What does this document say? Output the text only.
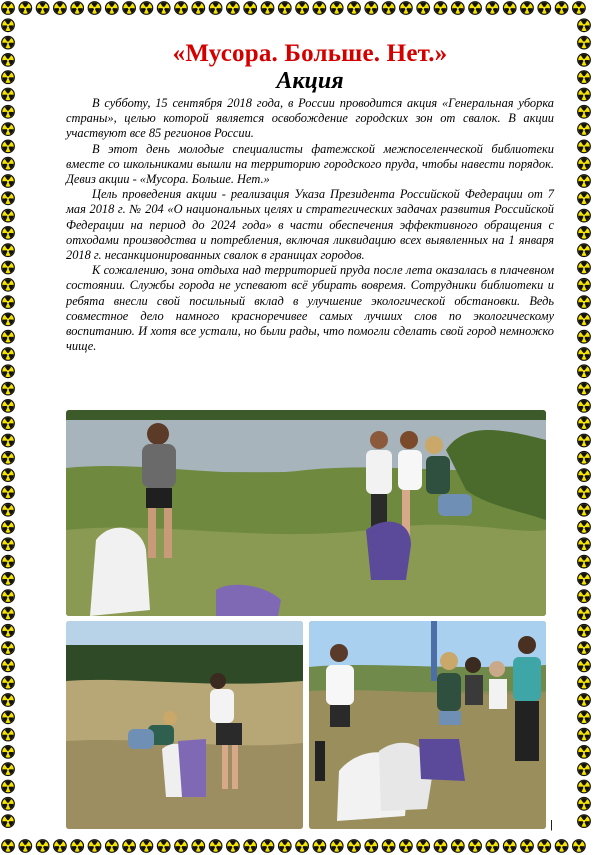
«Мусора. Больше. Нет.»
Акция

В субботу, 15 сентября 2018 года, в России проводится акция «Генеральная уборка страны», целью которой является освобождение городских зон от свалок. В акции участвуют все 85 регионов России.

В этот день молодые специалисты фатежской межпоселенческой библиотеки вместе со школьниками вышли на территорию городского пруда, чтобы навести порядок. Девиз акции - «Мусора. Больше. Нет.»

Цель проведения акции - реализация Указа Президента Российской Федерации от 7 мая 2018 г. № 204 «О национальных целях и стратегических задачах развития Российской Федерации на период до 2024 года» в части обеспечения эффективного обращения с отходами производства и потребления, включая ликвидацию всех выявленных на 1 января 2018 г. несанкционированных свалок в границах городов.

К сожалению, зона отдыха над территорией пруда после лета оказалась в плачевном состоянии. Службы города не успевают всё убирать вовремя. Сотрудники библиотеки и ребята внесли свой посильный вклад в улучшение экологической обстановки. Ведь совместное дело намного красноречивее самых лучших слов по экологическому воспитанию. И хотя все устали, но были рады, что помогли сделать свой город немножко чище.

|
